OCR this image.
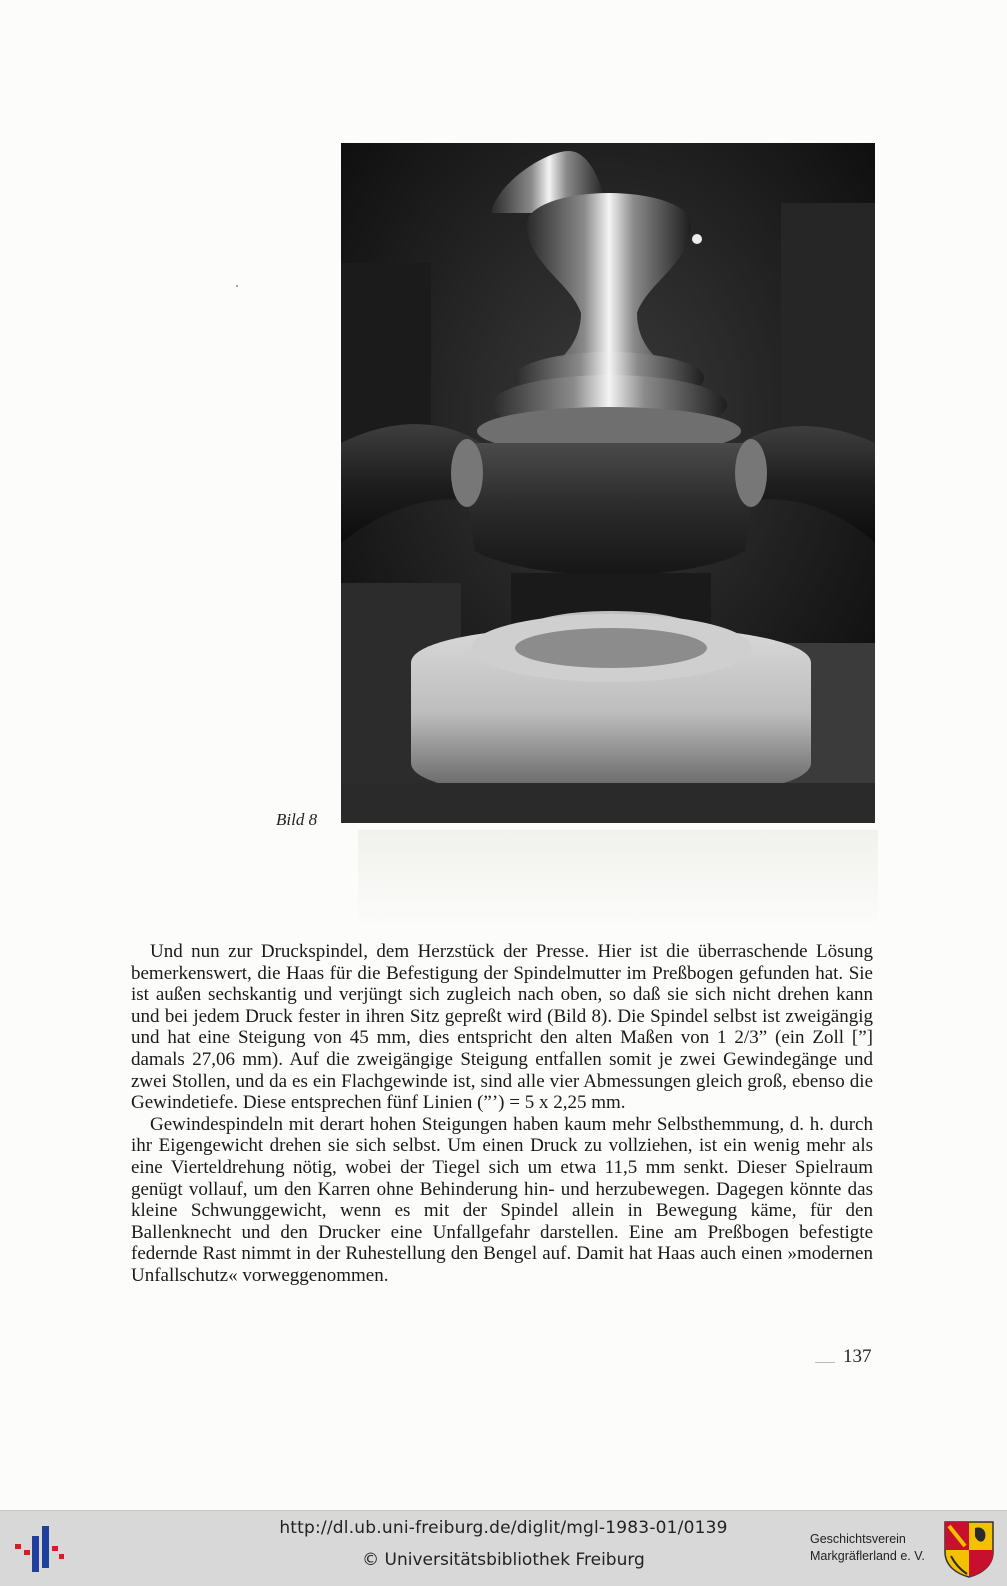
Bild 8

Und nun zur Druckspindel, dem Herzstück der Presse. Hier ist die überraschende Lösung bemerkenswert, die Haas für die Befestigung der Spindelmutter im Preßbogen gefunden hat. Sie ist außen sechskantig und verjüngt sich zugleich nach oben, so daß sie sich nicht drehen kann und bei jedem Druck fester in ihren Sitz gepreßt wird (Bild 8). Die Spindel selbst ist zweigängig und hat eine Steigung von 45 mm, dies entspricht den alten Maßen von 1 2/3” (ein Zoll [”] damals 27,06 mm). Auf die zweigängige Steigung entfallen somit je zwei Gewindegänge und zwei Stollen, und da es ein Flachgewinde ist, sind alle vier Abmessungen gleich groß, ebenso die Gewindetiefe. Diese entsprechen fünf Linien (”’) = 5 x 2,25 mm.

Gewindespindeln mit derart hohen Steigungen haben kaum mehr Selbsthemmung, d. h. durch ihr Eigengewicht drehen sie sich selbst. Um einen Druck zu vollziehen, ist ein wenig mehr als eine Vierteldrehung nötig, wobei der Tiegel sich um etwa 11,5 mm senkt. Dieser Spielraum genügt vollauf, um den Karren ohne Behinderung hin- und herzubewegen. Dagegen könnte das kleine Schwunggewicht, wenn es mit der Spindel allein in Bewegung käme, für den Ballenknecht und den Drucker eine Unfallgefahr darstellen. Eine am Preßbogen befestigte federnde Rast nimmt in der Ruhestellung den Bengel auf. Damit hat Haas auch einen »modernen Unfallschutz« vorweggenommen.

137
http://dl.ub.uni-freiburg.de/diglit/mgl-1983-01/0139
© Universitätsbibliothek Freiburg
Geschichtsverein
Markgräflerland e. V.
